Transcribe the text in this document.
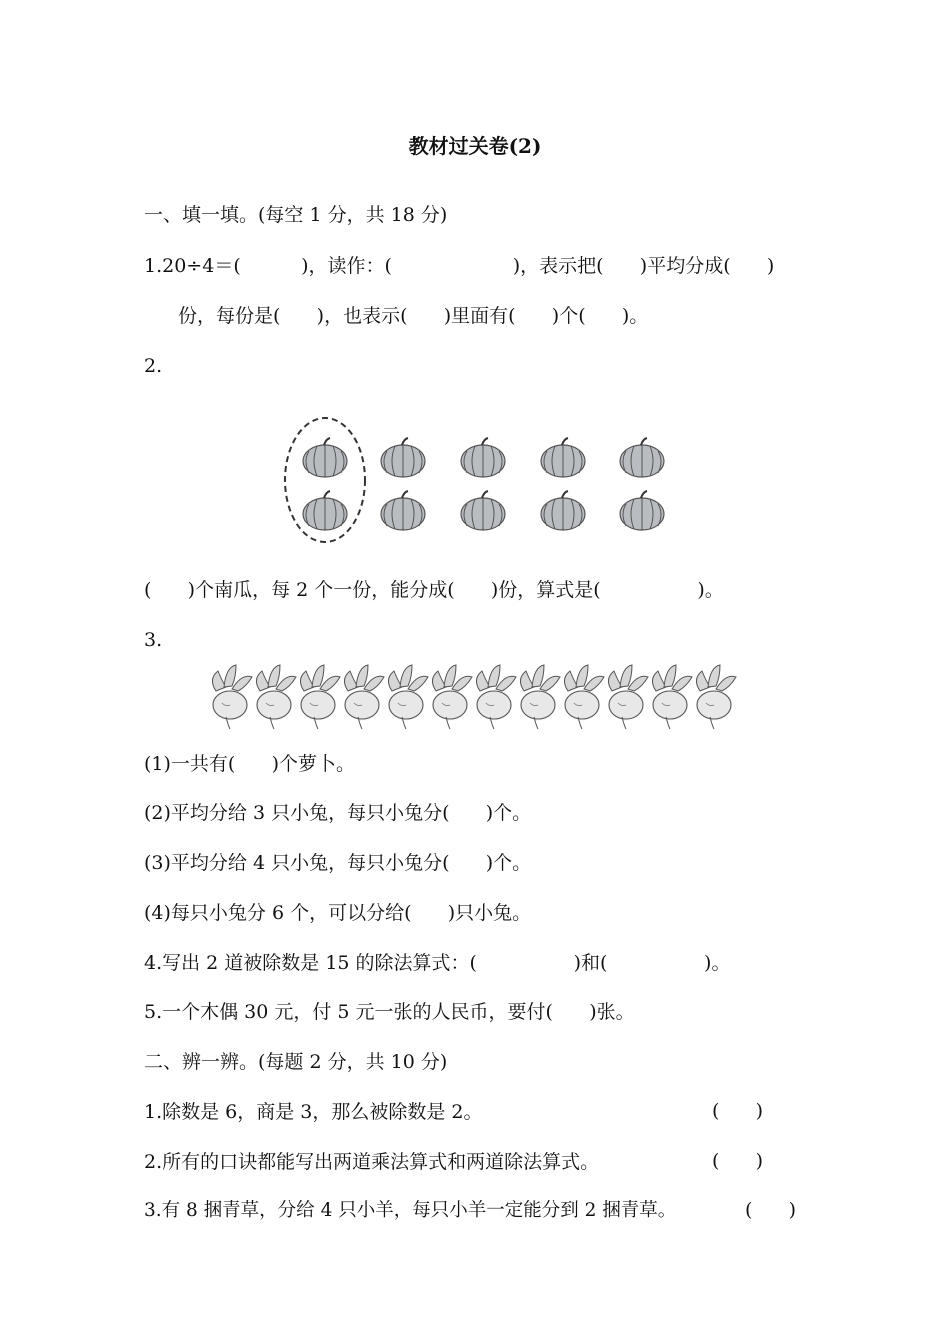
教材过关卷(2)
一、填一填。(每空 1 分，共 18 分)
1.20÷4＝(          )，读作：(                    )，表示把(      )平均分成(      )
份，每份是(      )，也表示(      )里面有(      )个(      )。
2.
(      )个南瓜，每 2 个一份，能分成(      )份，算式是(                )。
3.
(1)一共有(      )个萝卜。
(2)平均分给 3 只小兔，每只小兔分(      )个。
(3)平均分给 4 只小兔，每只小兔分(      )个。
(4)每只小兔分 6 个，可以分给(      )只小兔。
4.写出 2 道被除数是 15 的除法算式：(                )和(                )。
5.一个木偶 30 元，付 5 元一张的人民币，要付(      )张。
二、辨一辨。(每题 2 分，共 10 分)
1.除数是 6，商是 3，那么被除数是 2。	(      )
2.所有的口诀都能写出两道乘法算式和两道除法算式。	(      )
3.有 8 捆青草，分给 4 只小羊，每只小羊一定能分到 2 捆青草。	(      )
